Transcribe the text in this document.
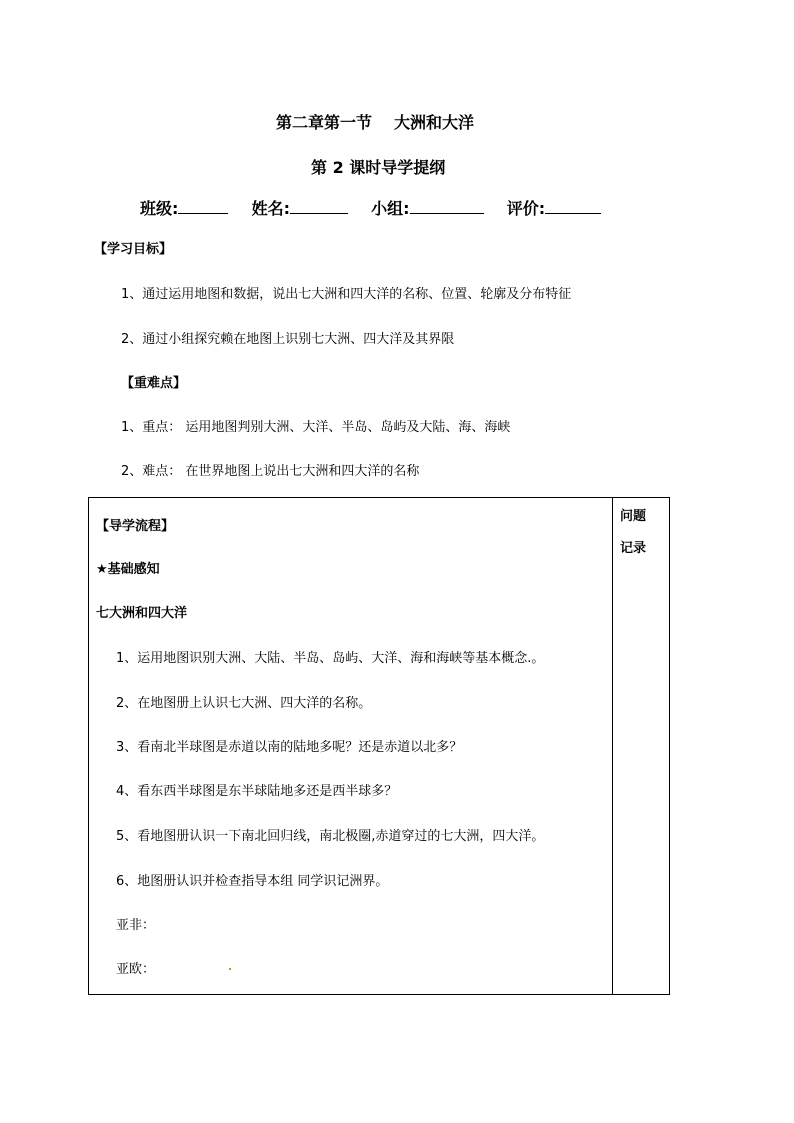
第二章第一节 大洲和大洋
第 2 课时导学提纲
班级:	姓名:	小组:	评价:
【学习目标】
1、通过运用地图和数据，说出七大洲和四大洋的名称、位置、轮廓及分布特征
2、通过小组探究赖在地图上识别七大洲、四大洋及其界限
【重难点】
1、重点： 运用地图判别大洲、大洋、半岛、岛屿及大陆、海、海峡
2、难点： 在世界地图上说出七大洲和四大洋的名称
【导学流程】
★基础感知
七大洲和四大洋
1、运用地图识别大洲、大陆、半岛、岛屿、大洋、海和海峡等基本概念.。
2、在地图册上认识七大洲、四大洋的名称。
3、看南北半球图是赤道以南的陆地多呢？还是赤道以北多？
4、看东西半球图是东半球陆地多还是西半球多？
5、看地图册认识一下南北回归线，南北极圈,赤道穿过的七大洲，四大洋。
6、地图册认识并检查指导本组 同学识记洲界。
亚非：
亚欧：
问题
记录
